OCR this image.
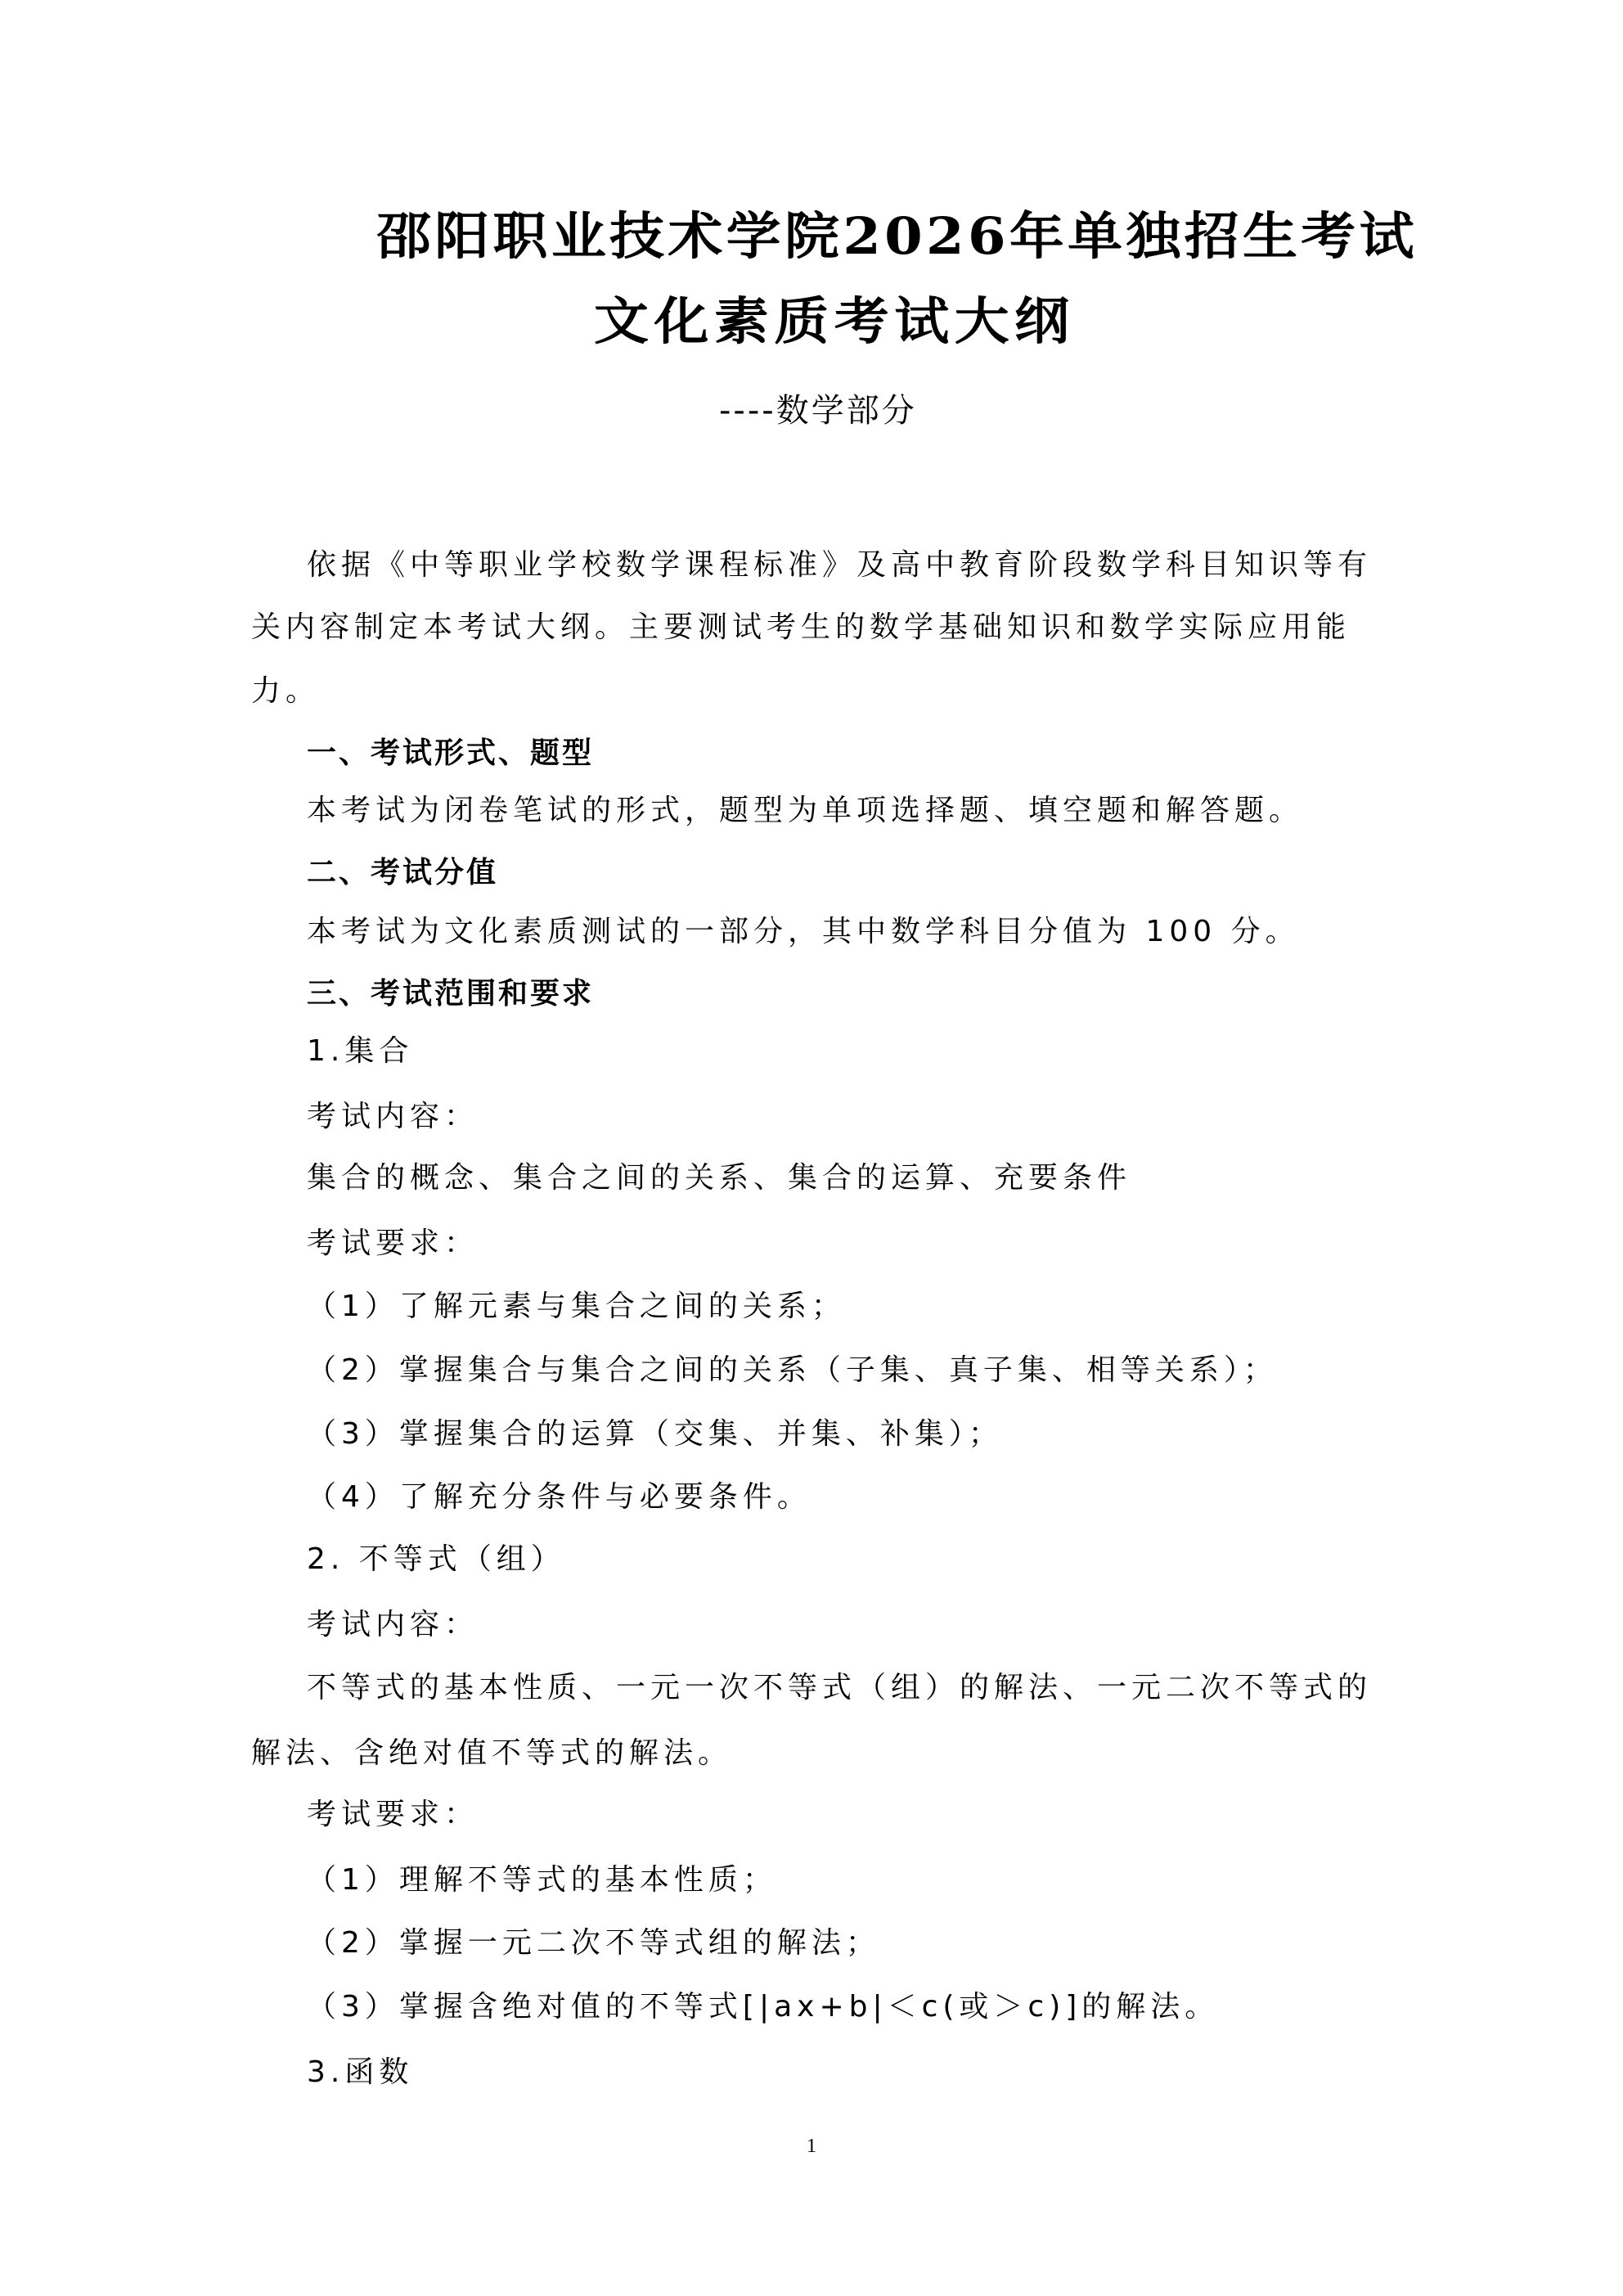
邵阳职业技术学院2026年单独招生考试
文化素质考试大纲
----数学部分
依据《中等职业学校数学课程标准》及高中教育阶段数学科目知识等有
关内容制定本考试大纲。主要测试考生的数学基础知识和数学实际应用能
力。
一、考试形式、题型
本考试为闭卷笔试的形式，题型为单项选择题、填空题和解答题。
二、考试分值
本考试为文化素质测试的一部分，其中数学科目分值为 100 分。
三、考试范围和要求
1.集合
考试内容：
集合的概念、集合之间的关系、集合的运算、充要条件
考试要求：
（1）了解元素与集合之间的关系；
（2）掌握集合与集合之间的关系（子集、真子集、相等关系）；
（3）掌握集合的运算（交集、并集、补集）；
（4）了解充分条件与必要条件。
2. 不等式（组）
考试内容：
不等式的基本性质、一元一次不等式（组）的解法、一元二次不等式的
解法、含绝对值不等式的解法。
考试要求：
（1）理解不等式的基本性质；
（2）掌握一元二次不等式组的解法；
（3）掌握含绝对值的不等式[|ax+b|＜c(或＞c)]的解法。
3.函数
1
